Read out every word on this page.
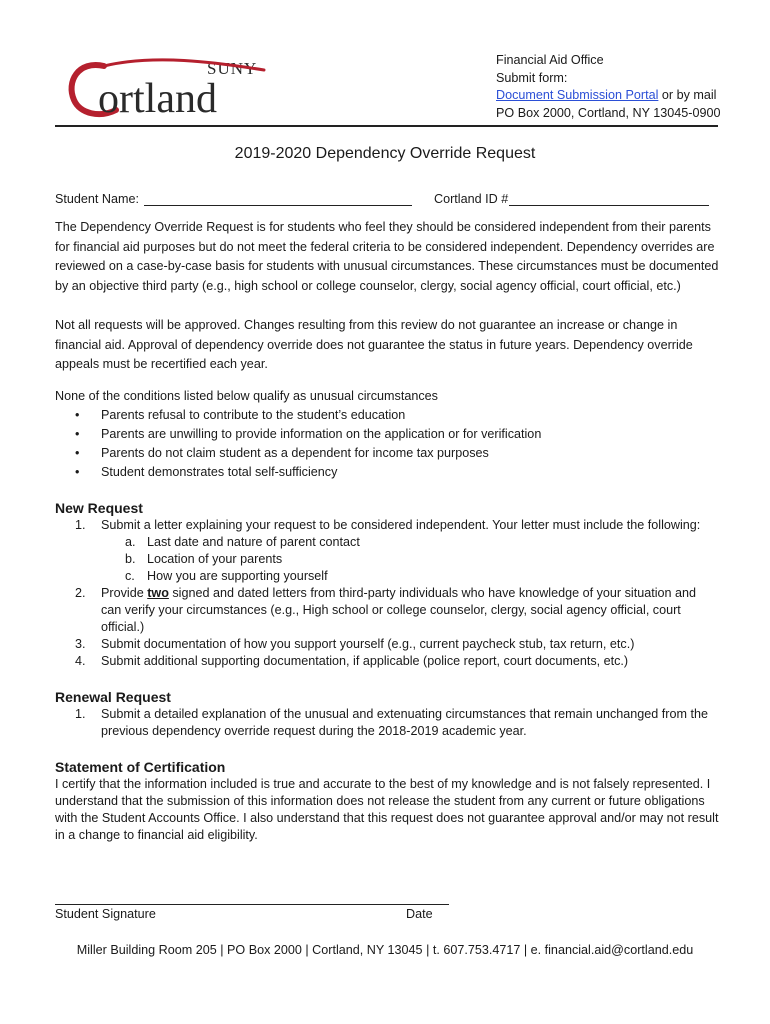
SUNY
ortland
Financial Aid Office
Submit form:
Document Submission Portal or by mail
PO Box 2000, Cortland, NY 13045-0900
2019-2020 Dependency Override Request
Student Name:	Cortland ID #

The Dependency Override Request is for students who feel they should be considered independent from their parents for financial aid purposes but do not meet the federal criteria to be considered independent. Dependency overrides are reviewed on a case-by-case basis for students with unusual circumstances. These circumstances must be documented by an objective third party (e.g., high school or college counselor, clergy, social agency official, court official, etc.)

Not all requests will be approved. Changes resulting from this review do not guarantee an increase or change in financial aid. Approval of dependency override does not guarantee the status in future years. Dependency override appeals must be recertified each year.

None of the conditions listed below qualify as unusual circumstances

• Parents refusal to contribute to the student’s education
• Parents are unwilling to provide information on the application or for verification
• Parents do not claim student as a dependent for income tax purposes
• Student demonstrates total self-sufficiency
New Request
1. Submit a letter explaining your request to be considered independent. Your letter must include the following:
a. Last date and nature of parent contact
b. Location of your parents
c. How you are supporting yourself
2. Provide two signed and dated letters from third-party individuals who have knowledge of your situation and can verify your circumstances (e.g., High school or college counselor, clergy, social agency official, court official.)
3. Submit documentation of how you support yourself (e.g., current paycheck stub, tax return, etc.)
4. Submit additional supporting documentation, if applicable (police report, court documents, etc.)
Renewal Request
1. Submit a detailed explanation of the unusual and extenuating circumstances that remain unchanged from the previous dependency override request during the 2018-2019 academic year.
Statement of Certification

I certify that the information included is true and accurate to the best of my knowledge and is not falsely represented. I understand that the submission of this information does not release the student from any current or future obligations with the Student Accounts Office. I also understand that this request does not guarantee approval and/or may not result in a change to financial aid eligibility.

Student Signature	Date
Miller Building Room 205 | PO Box 2000 | Cortland, NY 13045 | t. 607.753.4717 | e. financial.aid@cortland.edu
